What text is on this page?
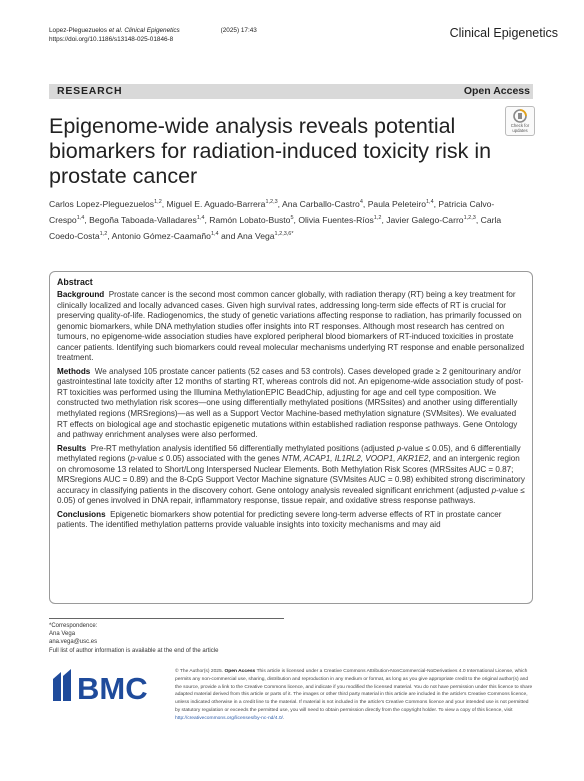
Lopez-Pleguezuelos et al. Clinical Epigenetics	(2025) 17:43
https://doi.org/10.1186/s13148-025-01846-8	Clinical Epigenetics
RESEARCH	Open Access
Check for
updates
Epigenome-wide analysis reveals potential biomarkers for radiation-induced toxicity risk in prostate cancer
Carlos Lopez-Pleguezuelos$^{1,2}$, Miguel E. Aguado-Barrera$^{1,2,3}$, Ana Carballo-Castro$^4$, Paula Peleteiro$^{1,4}$, Patricia Calvo-Crespo$^{1,4}$, Begoña Taboada-Valladares$^{1,4}$, Ramón Lobato-Busto$^5$, Olivia Fuentes-Ríos$^{1,2}$, Javier Galego-Carro$^{1,2,3}$, Carla Coedo-Costa$^{1,2}$, Antonio Gómez-Caamaño$^{1,4}$ and Ana Vega$^{1,2,3,6*}$
Abstract

Background Prostate cancer is the second most common cancer globally, with radiation therapy (RT) being a key treatment for clinically localized and locally advanced cases. Given high survival rates, addressing long-term side effects of RT is crucial for preserving quality-of-life. Radiogenomics, the study of genetic variations affecting response to radiation, has primarily focussed on genomic biomarkers, while DNA methylation studies offer insights into RT responses. Although most research has centred on tumours, no epigenome-wide association studies have explored peripheral blood biomarkers of RT-induced toxicities in prostate cancer patients. Identifying such biomarkers could reveal molecular mechanisms underlying RT response and enable personalized treatment.

Methods We analysed 105 prostate cancer patients (52 cases and 53 controls). Cases developed grade ≥ 2 genitourinary and/or gastrointestinal late toxicity after 12 months of starting RT, whereas controls did not. An epigenome-wide association study of post-RT toxicities was performed using the Illumina MethylationEPIC BeadChip, adjusting for age and cell type composition. We constructed two methylation risk scores—one using differentially methylated positions (MRSsites) and another using differentially methylated regions (MRSregions)—as well as a Support Vector Machine-based methylation signature (SVMsites). We evaluated RT effects on biological age and stochastic epigenetic mutations within established radiation response pathways. Gene Ontology and pathway enrichment analyses were also performed.

Results Pre-RT methylation analysis identified 56 differentially methylated positions (adjusted p-value ≤ 0.05), and 6 differentially methylated regions (p-value ≤ 0.05) associated with the genes NTM, ACAP1, IL1RL2, VOOP1, AKR1E2, and an intergenic region on chromosome 13 related to Short/Long Interspersed Nuclear Elements. Both Methylation Risk Scores (MRSsites AUC = 0.87; MRSregions AUC = 0.89) and the 8-CpG Support Vector Machine signature (SVMsites AUC = 0.98) exhibited strong discriminatory accuracy in classifying patients in the discovery cohort. Gene ontology analysis revealed significant enrichment (adjusted p-value ≤ 0.05) of genes involved in DNA repair, inflammatory response, tissue repair, and oxidative stress response pathways.

Conclusions Epigenetic biomarkers show potential for predicting severe long-term adverse effects of RT in prostate cancer patients. The identified methylation patterns provide valuable insights into toxicity mechanisms and may aid

*Correspondence:
Ana Vega
ana.vega@usc.es
Full list of author information is available at the end of the article
BMC	© The Author(s) 2025. Open Access This article is licensed under a Creative Commons Attribution-NonCommercial-NoDerivatives 4.0 International License, which permits any non-commercial use, sharing, distribution and reproduction in any medium or format, as long as you give appropriate credit to the original author(s) and the source, provide a link to the Creative Commons licence, and indicate if you modified the licensed material. You do not have permission under this licence to share adapted material derived from this article or parts of it. The images or other third party material in this article are included in the article's Creative Commons licence, unless indicated otherwise in a credit line to the material. If material is not included in the article's Creative Commons licence and your intended use is not permitted by statutory regulation or exceeds the permitted use, you will need to obtain permission directly from the copyright holder. To view a copy of this licence, visit http://creativecommons.org/licenses/by-nc-nd/4.0/.
